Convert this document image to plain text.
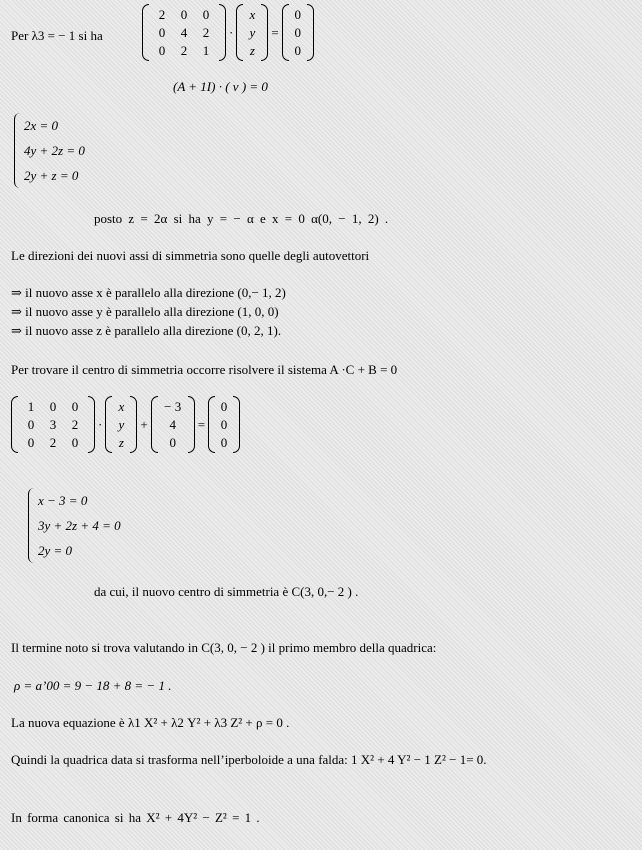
Per λ3 = − 1 si ha
2	0	0
0	4	2
0	2	1
·
x
y
z
=
0
0
0
(A + 1I) · ( v ) = 0
2x = 0
4y + 2z = 0
2y + z = 0
posto z = 2α si ha y = − α e x = 0 α(0, − 1, 2) .
Le direzioni dei nuovi assi di simmetria sono quelle degli autovettori
⇒ il nuovo asse x è parallelo alla direzione (0,− 1, 2)
⇒ il nuovo asse y è parallelo alla direzione (1, 0, 0)
⇒ il nuovo asse z è parallelo alla direzione (0, 2, 1).
Per trovare il centro di simmetria occorre risolvere il sistema A ·C + B = 0
1	0	0
0	3	2
0	2	0
·
x
y
z
+
− 3
4
0
=
0
0
0
x − 3 = 0
3y + 2z + 4 = 0
2y = 0
da cui, il nuovo centro di simmetria è C(3, 0,− 2 ) .
Il termine noto si trova valutando in C(3, 0, − 2 ) il primo membro della quadrica:
ρ = a’00 = 9 − 18 + 8 = − 1 .
La nuova equazione è λ1 X² + λ2 Y² + λ3 Z² + ρ = 0 .
Quindi la quadrica data si trasforma nell’iperboloide a una falda: 1 X² + 4 Y² − 1 Z² − 1= 0.
In forma canonica si ha X² + 4Y² − Z² = 1 .
